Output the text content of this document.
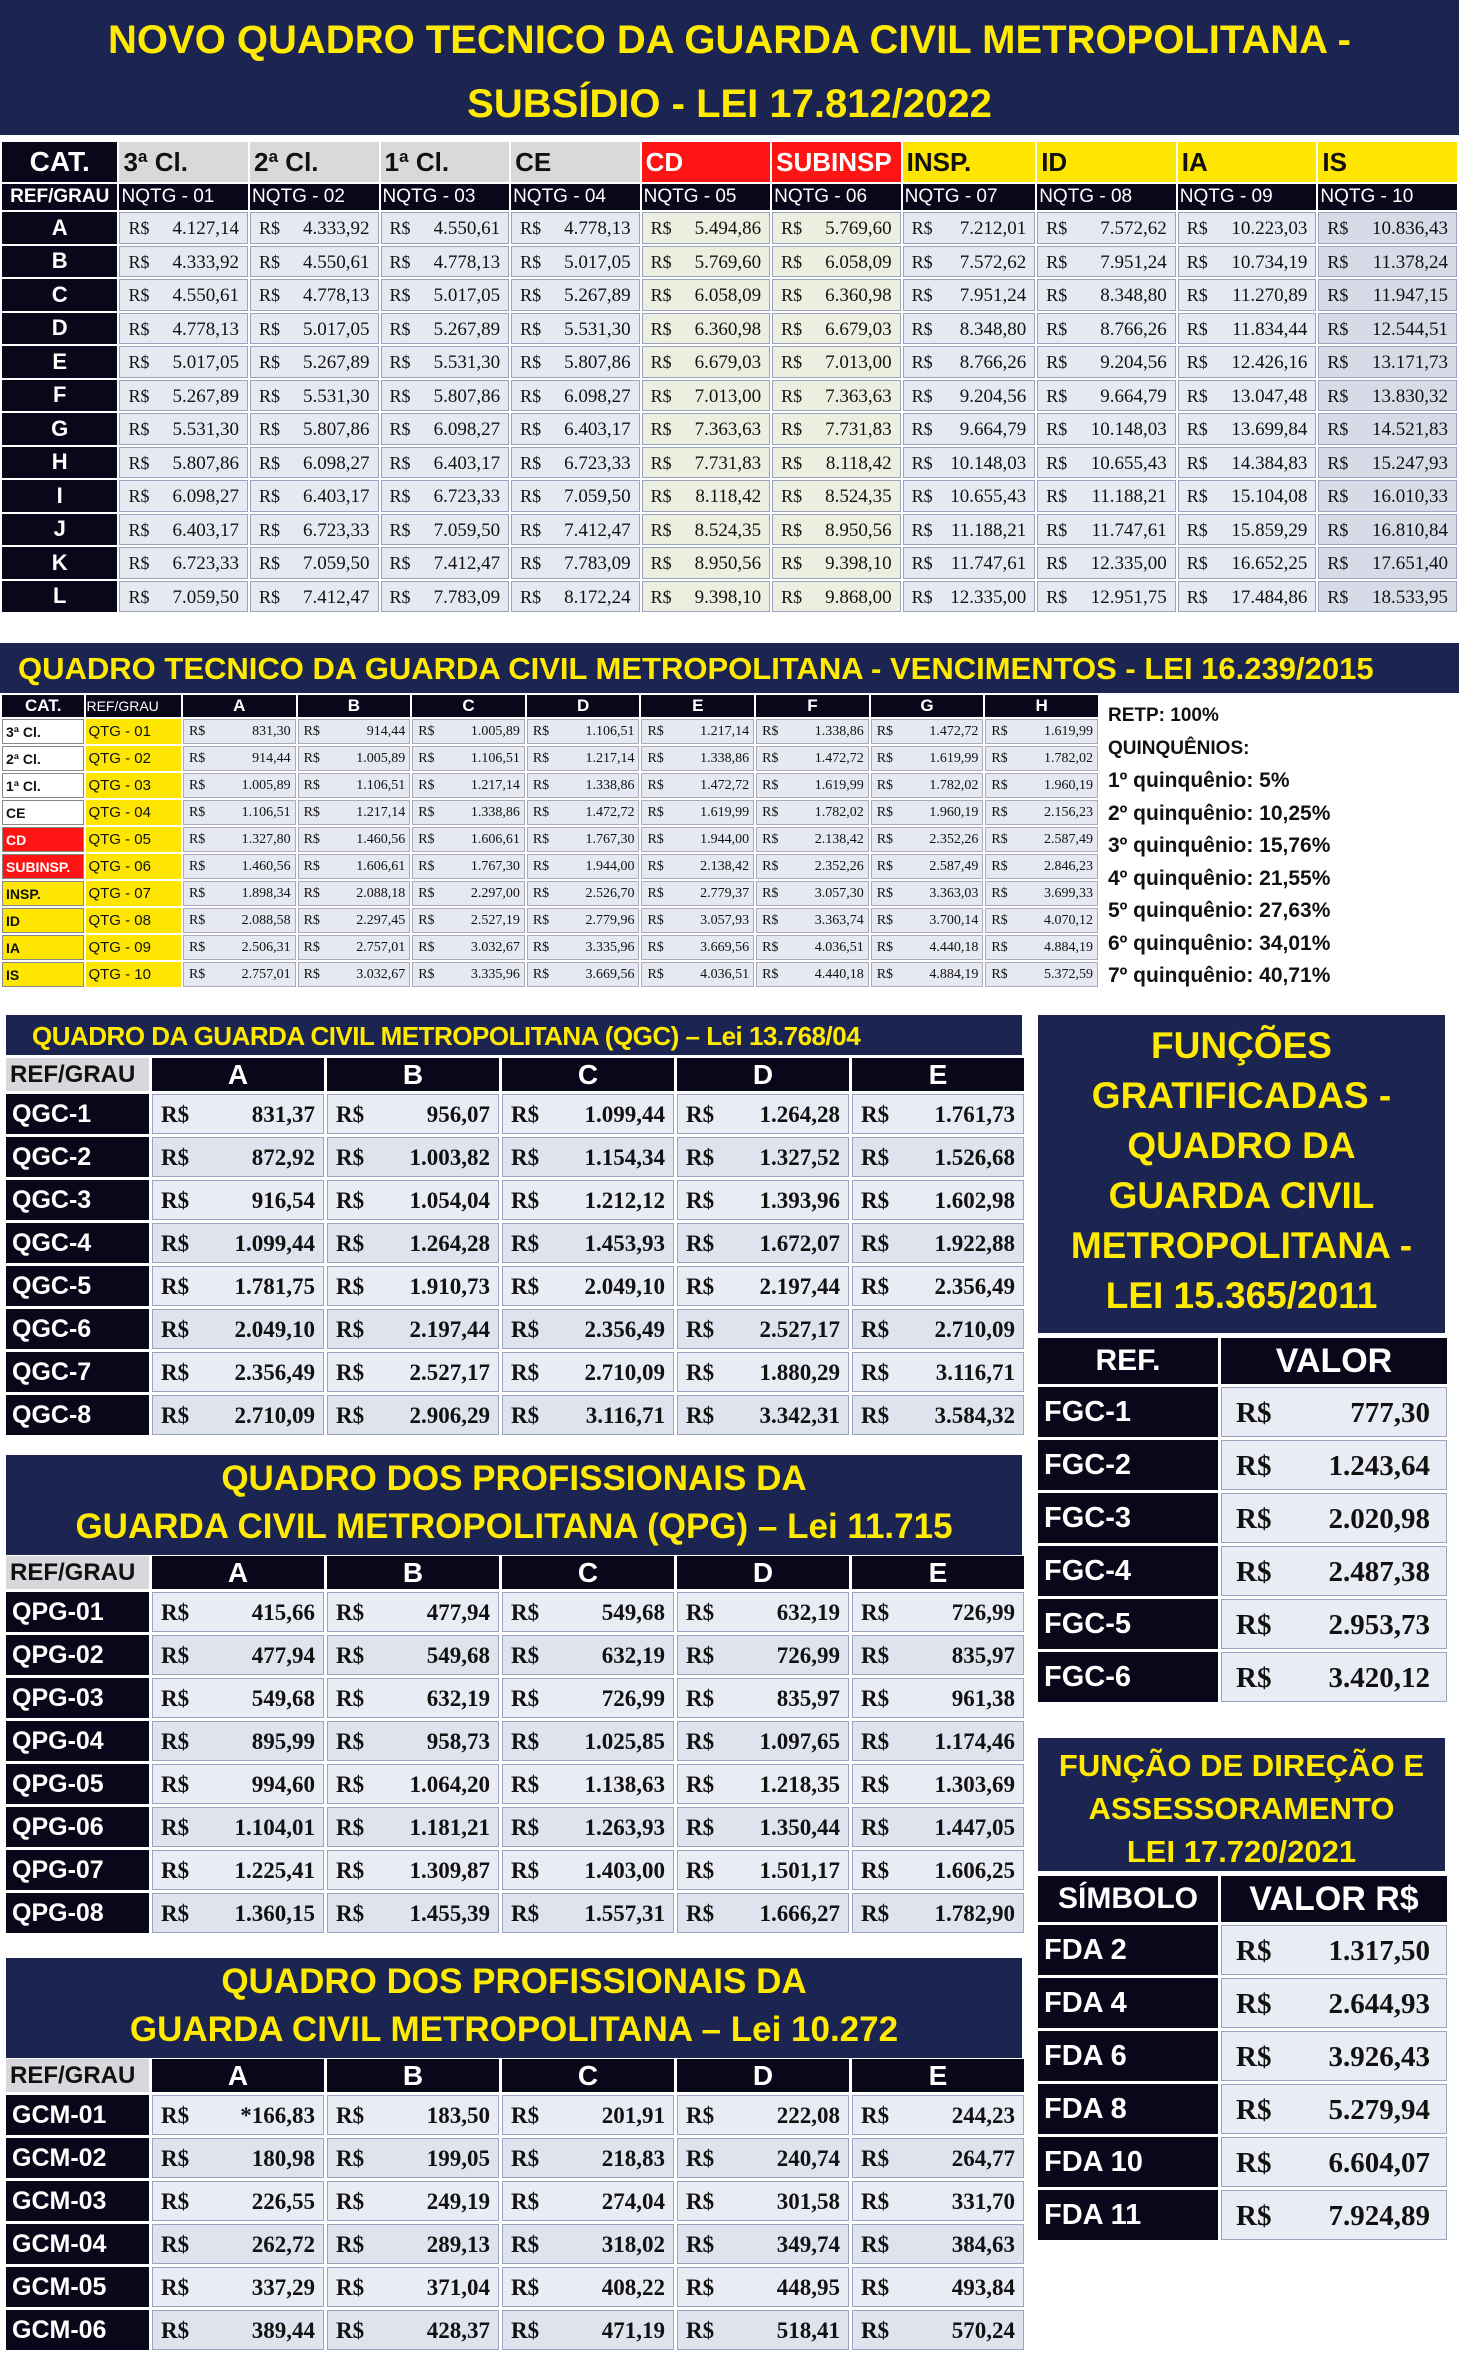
NOVO QUADRO TECNICO DA GUARDA CIVIL METROPOLITANA -
SUBSÍDIO - LEI 17.812/2022
CAT.	3ª Cl.	2ª Cl.	1ª Cl.	CE	CD	SUBINSP	INSP.	ID	IA	IS
REF/GRAU	NQTG - 01	NQTG - 02	NQTG - 03	NQTG - 04	NQTG - 05	NQTG - 06	NQTG - 07	NQTG - 08	NQTG - 09	NQTG - 10
A	R$ 4.127,14	R$ 4.333,92	R$ 4.550,61	R$ 4.778,13	R$ 5.494,86	R$ 5.769,60	R$ 7.212,01	R$ 7.572,62	R$ 10.223,03	R$ 10.836,43

B	R$ 4.333,92	R$ 4.550,61	R$ 4.778,13	R$ 5.017,05	R$ 5.769,60	R$ 6.058,09	R$ 7.572,62	R$ 7.951,24	R$ 10.734,19	R$ 11.378,24

C	R$ 4.550,61	R$ 4.778,13	R$ 5.017,05	R$ 5.267,89	R$ 6.058,09	R$ 6.360,98	R$ 7.951,24	R$ 8.348,80	R$ 11.270,89	R$ 11.947,15

D	R$ 4.778,13	R$ 5.017,05	R$ 5.267,89	R$ 5.531,30	R$ 6.360,98	R$ 6.679,03	R$ 8.348,80	R$ 8.766,26	R$ 11.834,44	R$ 12.544,51

E	R$ 5.017,05	R$ 5.267,89	R$ 5.531,30	R$ 5.807,86	R$ 6.679,03	R$ 7.013,00	R$ 8.766,26	R$ 9.204,56	R$ 12.426,16	R$ 13.171,73

F	R$ 5.267,89	R$ 5.531,30	R$ 5.807,86	R$ 6.098,27	R$ 7.013,00	R$ 7.363,63	R$ 9.204,56	R$ 9.664,79	R$ 13.047,48	R$ 13.830,32

G	R$ 5.531,30	R$ 5.807,86	R$ 6.098,27	R$ 6.403,17	R$ 7.363,63	R$ 7.731,83	R$ 9.664,79	R$ 10.148,03	R$ 13.699,84	R$ 14.521,83

H	R$ 5.807,86	R$ 6.098,27	R$ 6.403,17	R$ 6.723,33	R$ 7.731,83	R$ 8.118,42	R$ 10.148,03	R$ 10.655,43	R$ 14.384,83	R$ 15.247,93

I	R$ 6.098,27	R$ 6.403,17	R$ 6.723,33	R$ 7.059,50	R$ 8.118,42	R$ 8.524,35	R$ 10.655,43	R$ 11.188,21	R$ 15.104,08	R$ 16.010,33

J	R$ 6.403,17	R$ 6.723,33	R$ 7.059,50	R$ 7.412,47	R$ 8.524,35	R$ 8.950,56	R$ 11.188,21	R$ 11.747,61	R$ 15.859,29	R$ 16.810,84

K	R$ 6.723,33	R$ 7.059,50	R$ 7.412,47	R$ 7.783,09	R$ 8.950,56	R$ 9.398,10	R$ 11.747,61	R$ 12.335,00	R$ 16.652,25	R$ 17.651,40

L	R$ 7.059,50	R$ 7.412,47	R$ 7.783,09	R$ 8.172,24	R$ 9.398,10	R$ 9.868,00	R$ 12.335,00	R$ 12.951,75	R$ 17.484,86	R$ 18.533,95
QUADRO TECNICO DA GUARDA CIVIL METROPOLITANA - VENCIMENTOS - LEI 16.239/2015
CAT.	REF/GRAU	A	B	C	D	E	F	G	H
3ª Cl.	QTG - 01	R$ 831,30	R$ 914,44	R$ 1.005,89	R$ 1.106,51	R$ 1.217,14	R$ 1.338,86	R$ 1.472,72	R$ 1.619,99

2ª Cl.	QTG - 02	R$ 914,44	R$ 1.005,89	R$ 1.106,51	R$ 1.217,14	R$ 1.338,86	R$ 1.472,72	R$ 1.619,99	R$ 1.782,02

1ª Cl.	QTG - 03	R$ 1.005,89	R$ 1.106,51	R$ 1.217,14	R$ 1.338,86	R$ 1.472,72	R$ 1.619,99	R$ 1.782,02	R$ 1.960,19

CE	QTG - 04	R$ 1.106,51	R$ 1.217,14	R$ 1.338,86	R$ 1.472,72	R$ 1.619,99	R$ 1.782,02	R$ 1.960,19	R$ 2.156,23

CD	QTG - 05	R$ 1.327,80	R$ 1.460,56	R$ 1.606,61	R$ 1.767,30	R$ 1.944,00	R$ 2.138,42	R$ 2.352,26	R$ 2.587,49

SUBINSP.	QTG - 06	R$ 1.460,56	R$ 1.606,61	R$ 1.767,30	R$ 1.944,00	R$ 2.138,42	R$ 2.352,26	R$ 2.587,49	R$ 2.846,23

INSP.	QTG - 07	R$ 1.898,34	R$ 2.088,18	R$ 2.297,00	R$ 2.526,70	R$ 2.779,37	R$ 3.057,30	R$ 3.363,03	R$ 3.699,33

ID	QTG - 08	R$ 2.088,58	R$ 2.297,45	R$ 2.527,19	R$ 2.779,96	R$ 3.057,93	R$ 3.363,74	R$ 3.700,14	R$ 4.070,12

IA	QTG - 09	R$ 2.506,31	R$ 2.757,01	R$ 3.032,67	R$ 3.335,96	R$ 3.669,56	R$ 4.036,51	R$ 4.440,18	R$ 4.884,19

IS	QTG - 10	R$ 2.757,01	R$ 3.032,67	R$ 3.335,96	R$ 3.669,56	R$ 4.036,51	R$ 4.440,18	R$ 4.884,19	R$ 5.372,59
RETP: 100%
QUINQUÊNIOS:
1º quinquênio: 5%
2º quinquênio: 10,25%
3º quinquênio: 15,76%
4º quinquênio: 21,55%
5º quinquênio: 27,63%
6º quinquênio: 34,01%
7º quinquênio: 40,71%
QUADRO DA GUARDA CIVIL METROPOLITANA (QGC) – Lei 13.768/04
REF/GRAU	A	B	C	D	E
QGC-1	R$ 831,37	R$ 956,07	R$ 1.099,44	R$ 1.264,28	R$ 1.761,73

QGC-2	R$ 872,92	R$ 1.003,82	R$ 1.154,34	R$ 1.327,52	R$ 1.526,68

QGC-3	R$ 916,54	R$ 1.054,04	R$ 1.212,12	R$ 1.393,96	R$ 1.602,98

QGC-4	R$ 1.099,44	R$ 1.264,28	R$ 1.453,93	R$ 1.672,07	R$ 1.922,88

QGC-5	R$ 1.781,75	R$ 1.910,73	R$ 2.049,10	R$ 2.197,44	R$ 2.356,49

QGC-6	R$ 2.049,10	R$ 2.197,44	R$ 2.356,49	R$ 2.527,17	R$ 2.710,09

QGC-7	R$ 2.356,49	R$ 2.527,17	R$ 2.710,09	R$ 1.880,29	R$ 3.116,71

QGC-8	R$ 2.710,09	R$ 2.906,29	R$ 3.116,71	R$ 3.342,31	R$ 3.584,32
QUADRO DOS PROFISSIONAIS DA
GUARDA CIVIL METROPOLITANA (QPG) – Lei 11.715
REF/GRAU	A	B	C	D	E
QPG-01	R$ 415,66	R$ 477,94	R$ 549,68	R$ 632,19	R$ 726,99

QPG-02	R$ 477,94	R$ 549,68	R$ 632,19	R$ 726,99	R$ 835,97

QPG-03	R$ 549,68	R$ 632,19	R$ 726,99	R$ 835,97	R$ 961,38

QPG-04	R$ 895,99	R$ 958,73	R$ 1.025,85	R$ 1.097,65	R$ 1.174,46

QPG-05	R$ 994,60	R$ 1.064,20	R$ 1.138,63	R$ 1.218,35	R$ 1.303,69

QPG-06	R$ 1.104,01	R$ 1.181,21	R$ 1.263,93	R$ 1.350,44	R$ 1.447,05

QPG-07	R$ 1.225,41	R$ 1.309,87	R$ 1.403,00	R$ 1.501,17	R$ 1.606,25

QPG-08	R$ 1.360,15	R$ 1.455,39	R$ 1.557,31	R$ 1.666,27	R$ 1.782,90
QUADRO DOS PROFISSIONAIS DA
GUARDA CIVIL METROPOLITANA – Lei 10.272
REF/GRAU	A	B	C	D	E
GCM-01	R$ *166,83	R$ 183,50	R$ 201,91	R$ 222,08	R$ 244,23

GCM-02	R$ 180,98	R$ 199,05	R$ 218,83	R$ 240,74	R$ 264,77

GCM-03	R$ 226,55	R$ 249,19	R$ 274,04	R$ 301,58	R$ 331,70

GCM-04	R$ 262,72	R$ 289,13	R$ 318,02	R$ 349,74	R$ 384,63

GCM-05	R$ 337,29	R$ 371,04	R$ 408,22	R$ 448,95	R$ 493,84

GCM-06	R$ 389,44	R$ 428,37	R$ 471,19	R$ 518,41	R$ 570,24
FUNÇÕES
GRATIFICADAS -
QUADRO DA
GUARDA CIVIL
METROPOLITANA -
LEI 15.365/2011
REF.	VALOR
FGC-1	R$ 777,30

FGC-2	R$ 1.243,64

FGC-3	R$ 2.020,98

FGC-4	R$ 2.487,38

FGC-5	R$ 2.953,73

FGC-6	R$ 3.420,12
FUNÇÃO DE DIREÇÃO E
ASSESSORAMENTO
LEI 17.720/2021
SÍMBOLO	VALOR R$
FDA 2	R$ 1.317,50

FDA 4	R$ 2.644,93

FDA 6	R$ 3.926,43

FDA 8	R$ 5.279,94

FDA 10	R$ 6.604,07

FDA 11	R$ 7.924,89
